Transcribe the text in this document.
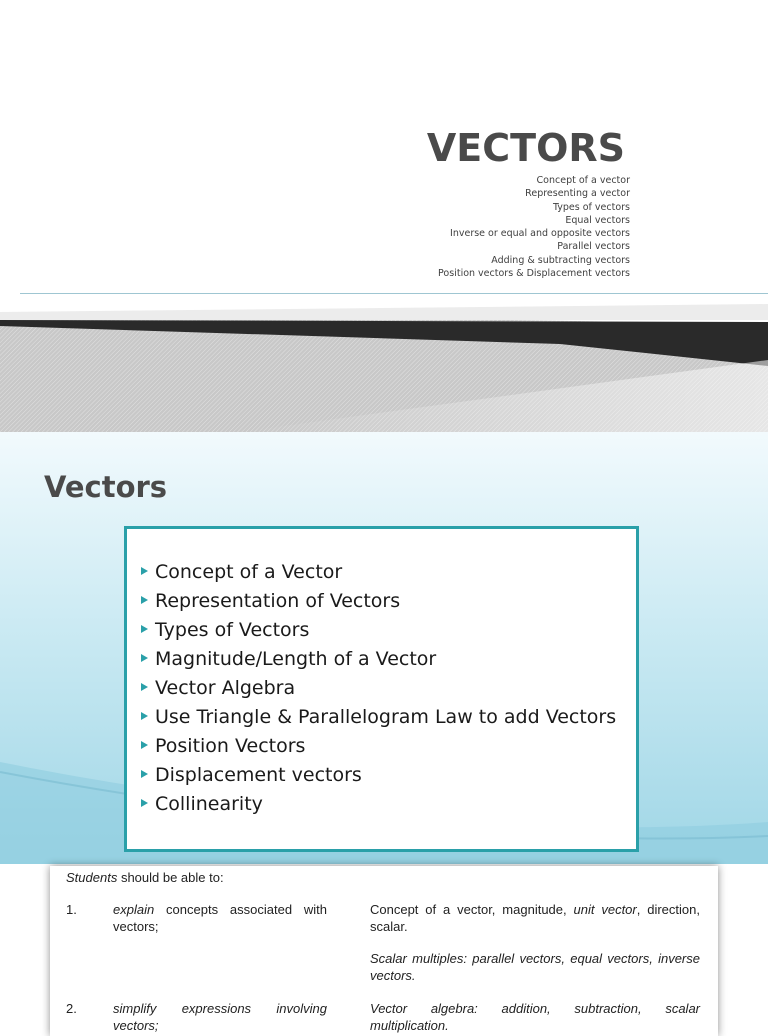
VECTORS
Concept of a vector
Representing a vector
Types of vectors
Equal vectors
Inverse or equal and opposite vectors
Parallel vectors
Adding & subtracting vectors
Position vectors & Displacement vectors
Vectors
Concept of a Vector
Representation of Vectors
Types of Vectors
Magnitude/Length of a Vector
Vector Algebra
Use Triangle & Parallelogram Law to add Vectors
Position Vectors
Displacement vectors
Collinearity

Students should be able to:

1.	explain concepts associated with vectors;
Concept of a vector, magnitude, unit vector, direction, scalar.
Scalar multiples: parallel vectors, equal vectors, inverse vectors.
2.	simplify expressions involving vectors;
Vector algebra: addition, subtraction, scalar multiplication.
